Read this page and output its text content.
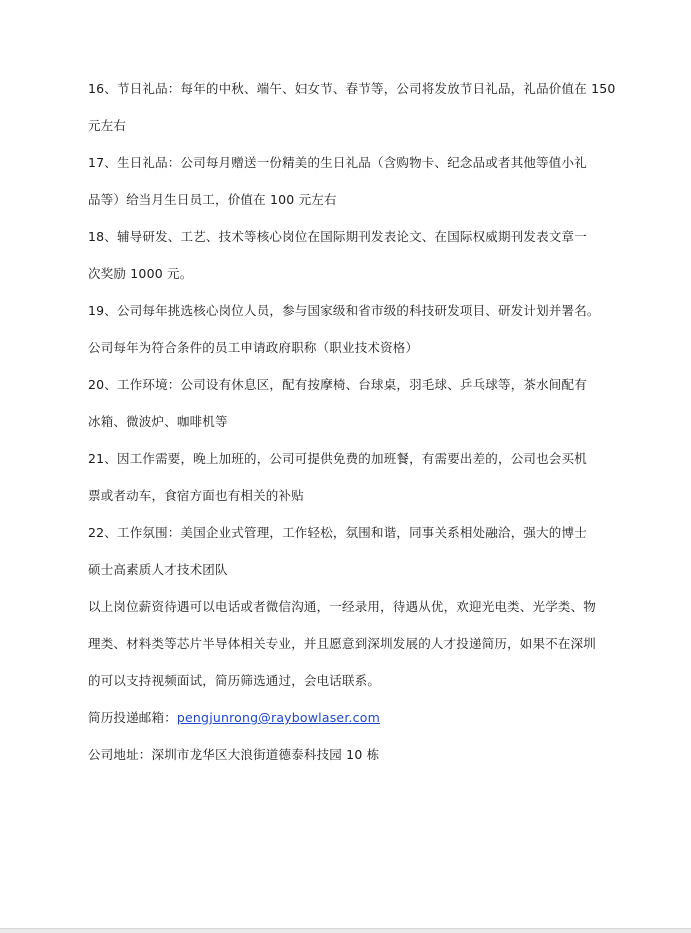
16、节日礼品：每年的中秋、端午、妇女节、春节等，公司将发放节日礼品，礼品价值在 150
元左右
17、生日礼品：公司每月赠送一份精美的生日礼品（含购物卡、纪念品或者其他等值小礼
品等）给当月生日员工，价值在 100 元左右
18、辅导研发、工艺、技术等核心岗位在国际期刊发表论文、在国际权威期刊发表文章一
次奖励 1000 元。
19、公司每年挑选核心岗位人员，参与国家级和省市级的科技研发项目、研发计划并署名。
公司每年为符合条件的员工申请政府职称（职业技术资格）
20、工作环境：公司设有休息区，配有按摩椅、台球桌，羽毛球、乒乓球等，茶水间配有
冰箱、微波炉、咖啡机等
21、因工作需要，晚上加班的，公司可提供免费的加班餐，有需要出差的，公司也会买机
票或者动车，食宿方面也有相关的补贴
22、工作氛围：美国企业式管理，工作轻松，氛围和谐，同事关系相处融洽，强大的博士
硕士高素质人才技术团队
以上岗位薪资待遇可以电话或者微信沟通，一经录用，待遇从优，欢迎光电类、光学类、物
理类、材料类等芯片半导体相关专业，并且愿意到深圳发展的人才投递简历，如果不在深圳
的可以支持视频面试，简历筛选通过，会电话联系。
简历投递邮箱：pengjunrong@raybowlaser.com
公司地址：深圳市龙华区大浪街道德泰科技园 10 栋
